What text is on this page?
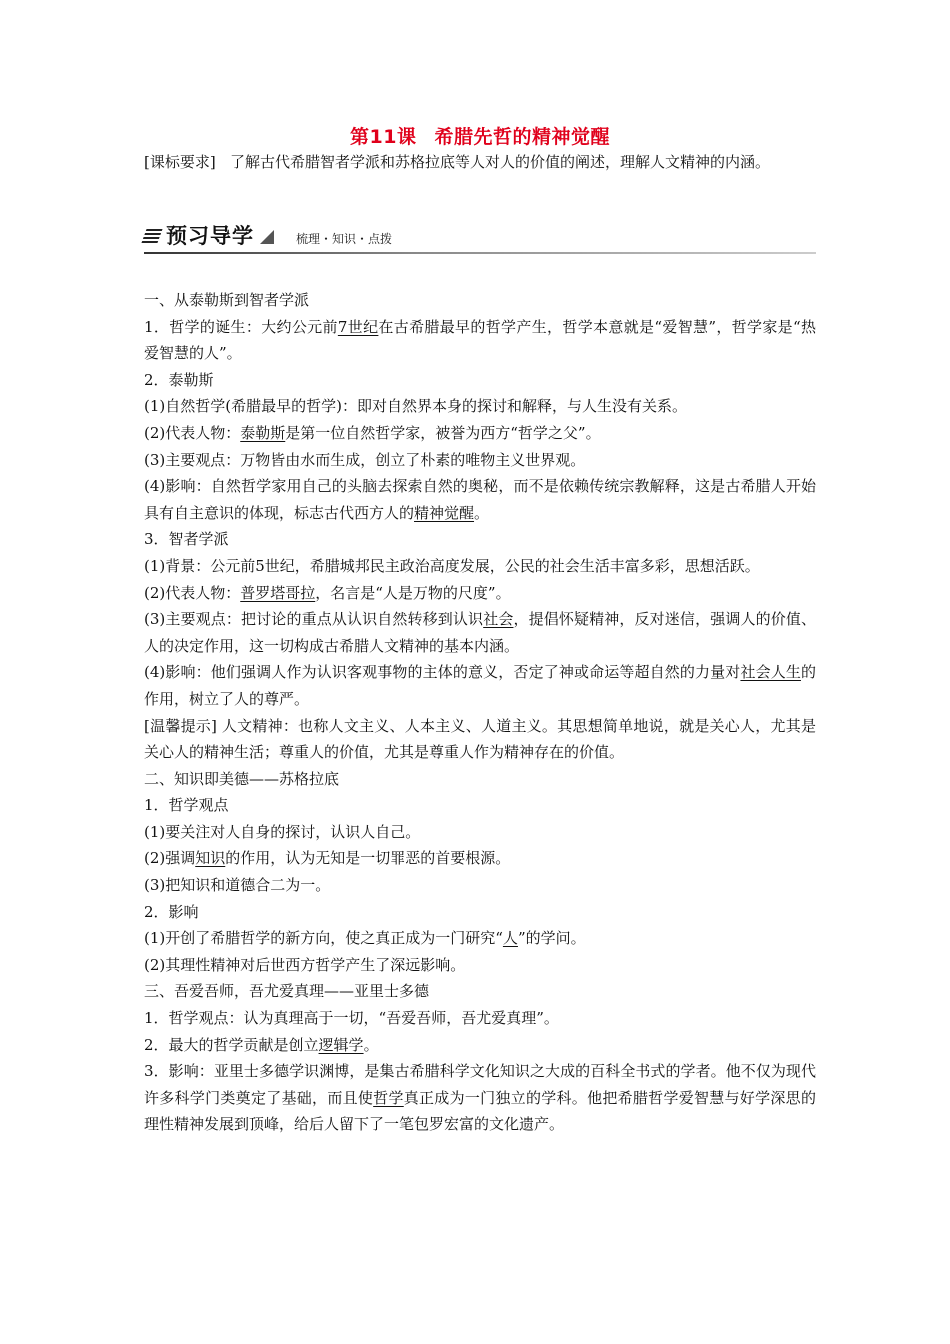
第11课 希腊先哲的精神觉醒
[课标要求] 了解古代希腊智者学派和苏格拉底等人对人的价值的阐述，理解人文精神的内涵。
预习导学	梳理・知识・点拨

一、从泰勒斯到智者学派

1．哲学的诞生：大约公元前7世纪在古希腊最早的哲学产生，哲学本意就是“爱智慧”，哲学家是“热爱智慧的人”。

2．泰勒斯

(1)自然哲学(希腊最早的哲学)：即对自然界本身的探讨和解释，与人生没有关系。

(2)代表人物：泰勒斯是第一位自然哲学家，被誉为西方“哲学之父”。

(3)主要观点：万物皆由水而生成，创立了朴素的唯物主义世界观。

(4)影响：自然哲学家用自己的头脑去探索自然的奥秘，而不是依赖传统宗教解释，这是古希腊人开始具有自主意识的体现，标志古代西方人的精神觉醒。

3．智者学派

(1)背景：公元前5世纪，希腊城邦民主政治高度发展，公民的社会生活丰富多彩，思想活跃。

(2)代表人物：普罗塔哥拉，名言是“人是万物的尺度”。

(3)主要观点：把讨论的重点从认识自然转移到认识社会，提倡怀疑精神，反对迷信，强调人的价值、人的决定作用，这一切构成古希腊人文精神的基本内涵。

(4)影响：他们强调人作为认识客观事物的主体的意义，否定了神或命运等超自然的力量对社会人生的作用，树立了人的尊严。

[温馨提示] 人文精神：也称人文主义、人本主义、人道主义。其思想简单地说，就是关心人，尤其是关心人的精神生活；尊重人的价值，尤其是尊重人作为精神存在的价值。

二、知识即美德——苏格拉底

1．哲学观点

(1)要关注对人自身的探讨，认识人自己。

(2)强调知识的作用，认为无知是一切罪恶的首要根源。

(3)把知识和道德合二为一。

2．影响

(1)开创了希腊哲学的新方向，使之真正成为一门研究“人”的学问。

(2)其理性精神对后世西方哲学产生了深远影响。

三、吾爱吾师，吾尤爱真理——亚里士多德

1．哲学观点：认为真理高于一切，“吾爱吾师，吾尤爱真理”。

2．最大的哲学贡献是创立逻辑学。

3．影响：亚里士多德学识渊博，是集古希腊科学文化知识之大成的百科全书式的学者。他不仅为现代许多科学门类奠定了基础，而且使哲学真正成为一门独立的学科。他把希腊哲学爱智慧与好学深思的理性精神发展到顶峰，给后人留下了一笔包罗宏富的文化遗产。
